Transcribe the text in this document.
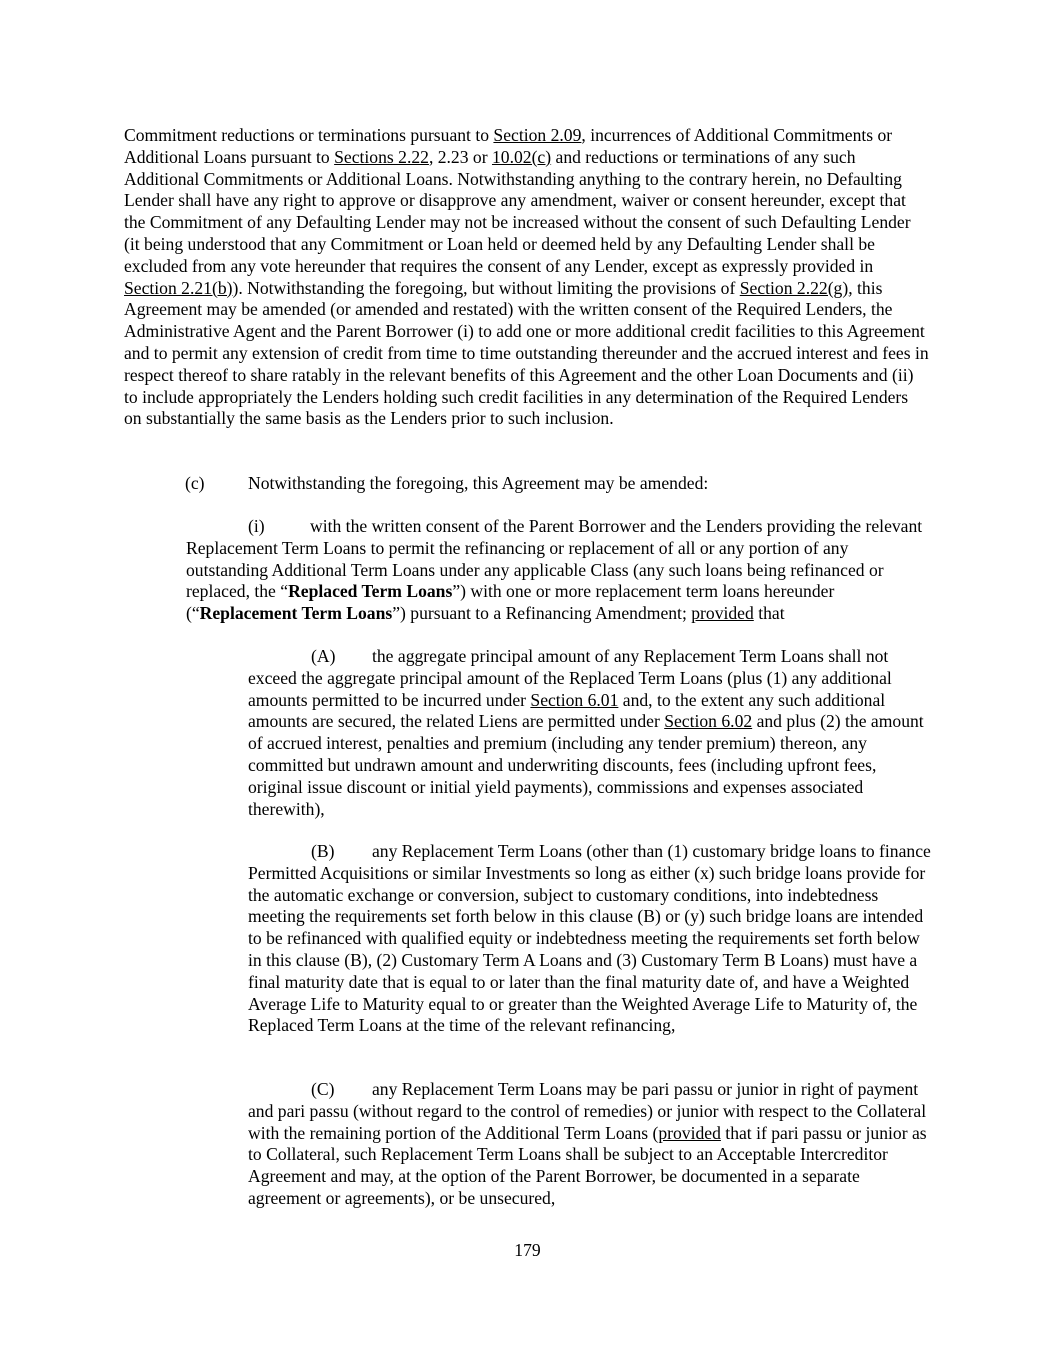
Commitment reductions or terminations pursuant to Section 2.09, incurrences of Additional Commitments or Additional Loans pursuant to Sections 2.22, 2.23 or 10.02(c) and reductions or terminations of any such Additional Commitments or Additional Loans. Notwithstanding anything to the contrary herein, no Defaulting Lender shall have any right to approve or disapprove any amendment, waiver or consent hereunder, except that the Commitment of any Defaulting Lender may not be increased without the consent of such Defaulting Lender (it being understood that any Commitment or Loan held or deemed held by any Defaulting Lender shall be excluded from any vote hereunder that requires the consent of any Lender, except as expressly provided in Section 2.21(b)). Notwithstanding the foregoing, but without limiting the provisions of Section 2.22(g), this Agreement may be amended (or amended and restated) with the written consent of the Required Lenders, the Administrative Agent and the Parent Borrower (i) to add one or more additional credit facilities to this Agreement and to permit any extension of credit from time to time outstanding thereunder and the accrued interest and fees in respect thereof to share ratably in the relevant benefits of this Agreement and the other Loan Documents and (ii) to include appropriately the Lenders holding such credit facilities in any determination of the Required Lenders on substantially the same basis as the Lenders prior to such inclusion.

(c) Notwithstanding the foregoing, this Agreement may be amended:

(i)	with the written consent of the Parent Borrower and the Lenders providing the relevant Replacement Term Loans to permit the refinancing or replacement of all or any portion of any outstanding Additional Term Loans under any applicable Class (any such loans being refinanced or replaced, the “Replaced Term Loans”) with one or more replacement term loans hereunder (“Replacement Term Loans”) pursuant to a Refinancing Amendment; provided that

(A) the aggregate principal amount of any Replacement Term Loans shall not exceed the aggregate principal amount of the Replaced Term Loans (plus (1) any additional amounts permitted to be incurred under Section 6.01 and, to the extent any such additional amounts are secured, the related Liens are permitted under Section 6.02 and plus (2) the amount of accrued interest, penalties and premium (including any tender premium) thereon, any committed but undrawn amount and underwriting discounts, fees (including upfront fees, original issue discount or initial yield payments), commissions and expenses associated therewith),

(B) any Replacement Term Loans (other than (1) customary bridge loans to finance Permitted Acquisitions or similar Investments so long as either (x) such bridge loans provide for the automatic exchange or conversion, subject to customary conditions, into indebtedness meeting the requirements set forth below in this clause (B) or (y) such bridge loans are intended to be refinanced with qualified equity or indebtedness meeting the requirements set forth below in this clause (B), (2) Customary Term A Loans and (3) Customary Term B Loans) must have a final maturity date that is equal to or later than the final maturity date of, and have a Weighted Average Life to Maturity equal to or greater than the Weighted Average Life to Maturity of, the Replaced Term Loans at the time of the relevant refinancing,

(C) any Replacement Term Loans may be pari passu or junior in right of payment and pari passu (without regard to the control of remedies) or junior with respect to the Collateral with the remaining portion of the Additional Term Loans (provided that if pari passu or junior as to Collateral, such Replacement Term Loans shall be subject to an Acceptable Intercreditor Agreement and may, at the option of the Parent Borrower, be documented in a separate agreement or agreements), or be unsecured,

179
